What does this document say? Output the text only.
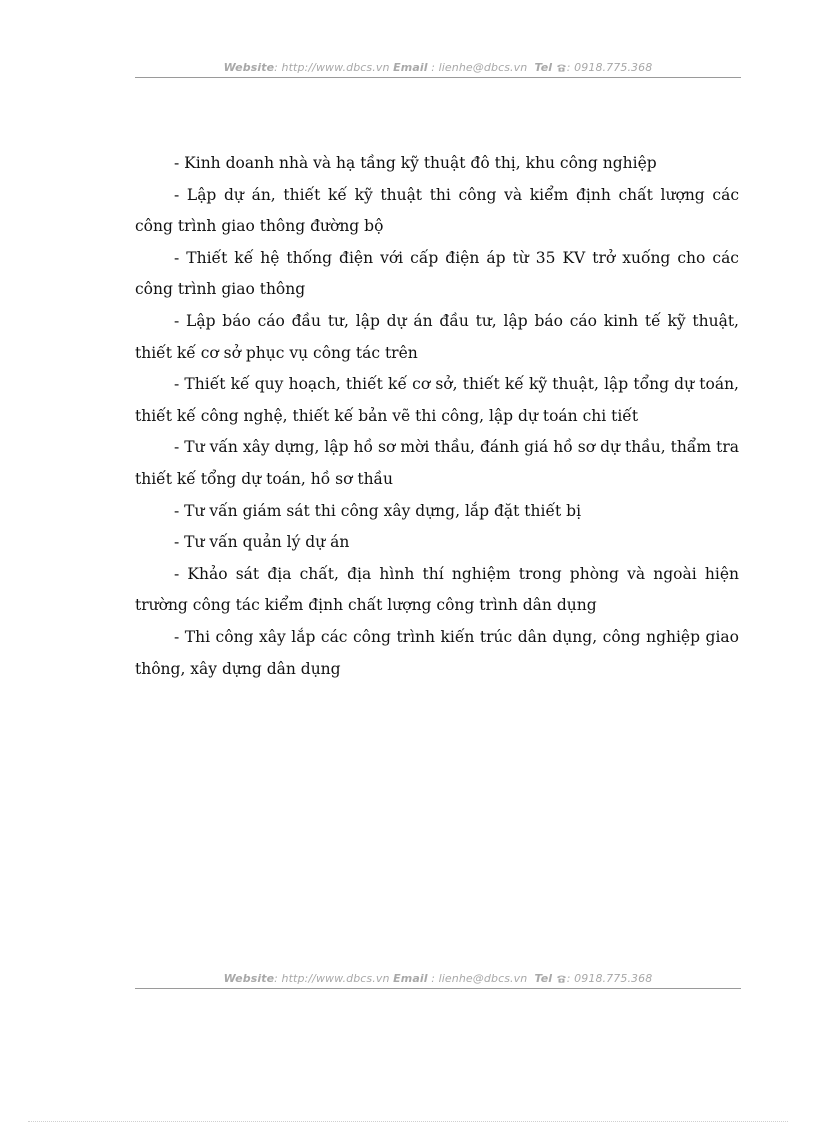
Website: http://www.dbcs.vn Email : lienhe@dbcs.vn Tel : 0918.775.368

- Kinh doanh nhà và hạ tầng kỹ thuật đô thị, khu công nghiệp

- Lập dự án, thiết kế kỹ thuật thi công và kiểm định chất lượng các công trình giao thông đường bộ

- Thiết kế hệ thống điện với cấp điện áp từ 35 KV trở xuống cho các công trình giao thông

- Lập báo cáo đầu tư, lập dự án đầu tư, lập báo cáo kinh tế kỹ thuật, thiết kế cơ sở phục vụ công tác trên

- Thiết kế quy hoạch, thiết kế cơ sở, thiết kế kỹ thuật, lập tổng dự toán, thiết kế công nghệ, thiết kế bản vẽ thi công, lập dự toán chi tiết

- Tư vấn xây dựng, lập hồ sơ mời thầu, đánh giá hồ sơ dự thầu, thẩm tra thiết kế tổng dự toán, hồ sơ thầu

- Tư vấn giám sát thi công xây dựng, lắp đặt thiết bị

- Tư vấn quản lý dự án

- Khảo sát địa chất, địa hình thí nghiệm trong phòng và ngoài hiện trường công tác kiểm định chất lượng công trình dân dụng

- Thi công xây lắp các công trình kiến trúc dân dụng, công nghiệp giao thông, xây dựng dân dụng

Website: http://www.dbcs.vn Email : lienhe@dbcs.vn Tel : 0918.775.368
